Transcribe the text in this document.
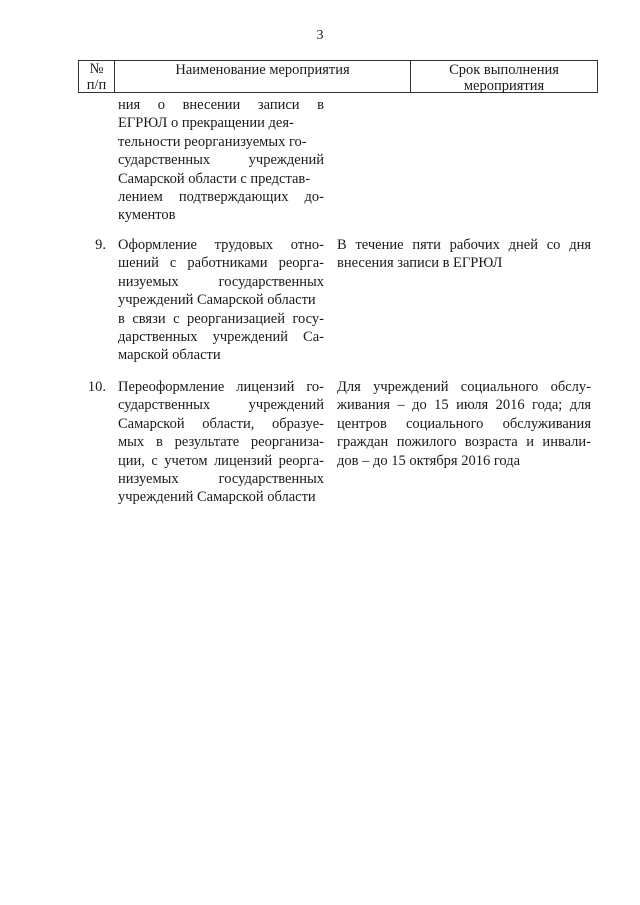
3
№
п/п
Наименование мероприятия	Срок выполнения мероприятия
ния о внесении записи в
ЕГРЮЛ о прекращении дея-
тельности реорганизуемых го-
сударственных учреждений
Самарской области с представ-
лением подтверждающих до-
кументов
9. Оформление трудовых отно-
шений с работниками реорга-
низуемых государственных
учреждений Самарской области
в связи с реорганизацией госу-
дарственных учреждений Са-
марской области
В течение пяти рабочих дней со дня
внесения записи в ЕГРЮЛ
10. Переоформление лицензий го-
сударственных учреждений
Самарской области, образуе-
мых в результате реорганиза-
ции, с учетом лицензий реорга-
низуемых государственных
учреждений Самарской области
Для учреждений социального обслу-
живания – до 15 июля 2016 года; для
центров социального обслуживания
граждан пожилого возраста и инвали-
дов – до 15 октября 2016 года
